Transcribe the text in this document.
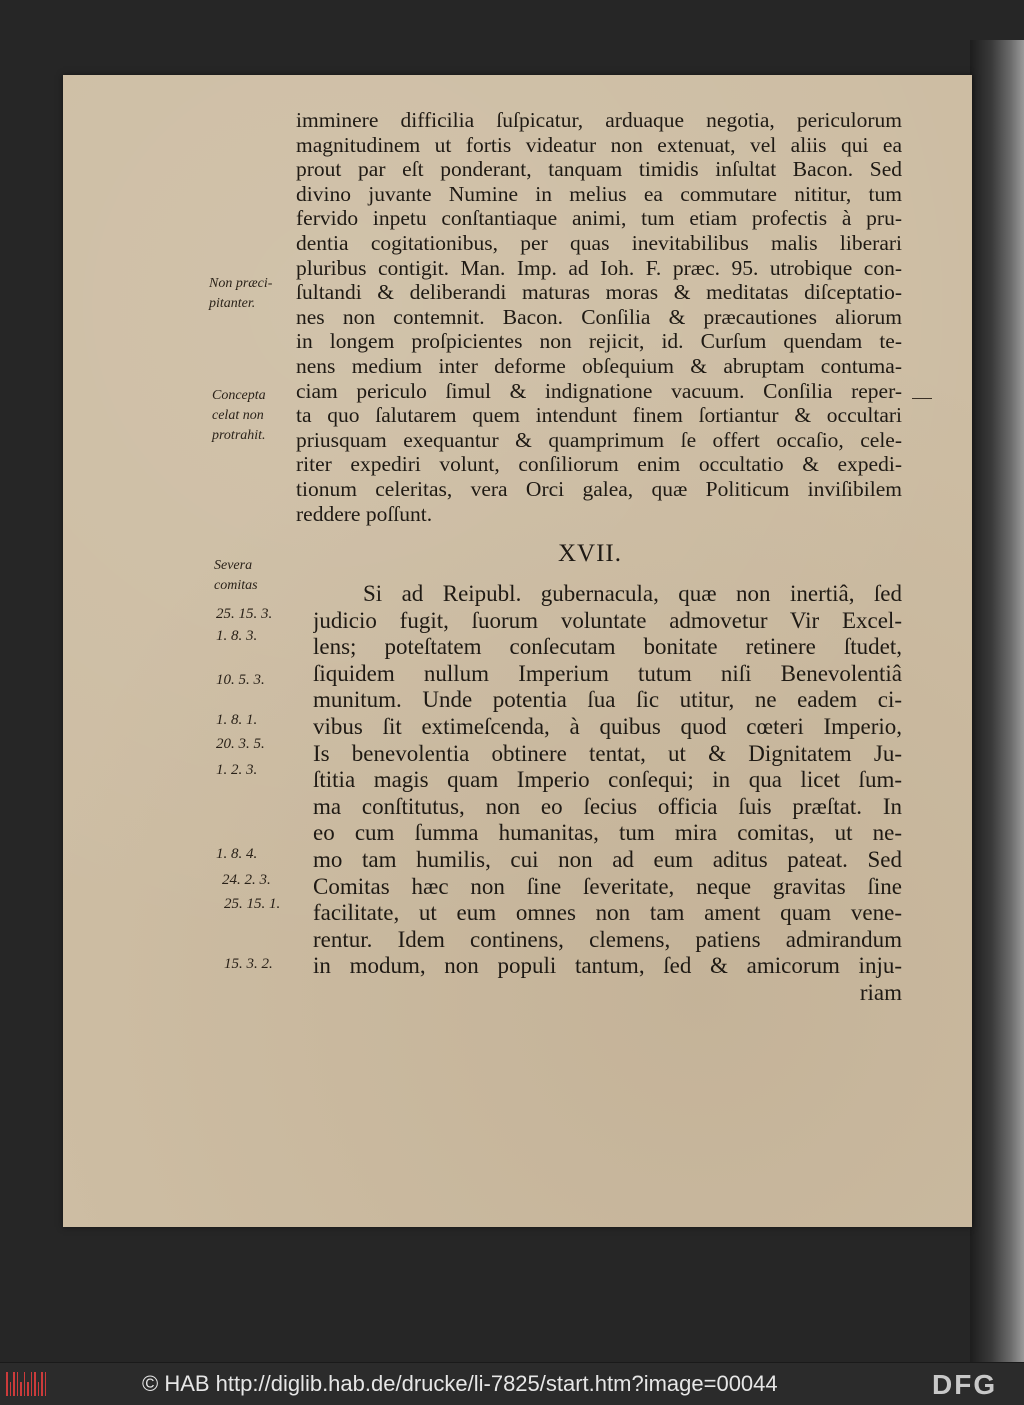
imminere difficilia ſuſpicatur, arduaque negotia, periculorum
magnitudinem ut fortis videatur non extenuat, vel aliis qui ea
prout par eſt ponderant, tanquam timidis inſultat Bacon. Sed
divino juvante Numine in melius ea commutare nititur, tum
fervido inpetu conſtantiaque animi, tum etiam profectis à pru-
dentia cogitationibus, per quas inevitabilibus malis liberari
pluribus contigit. Man. Imp. ad Ioh. F. præc. 95. utrobique con-
ſultandi & deliberandi maturas moras & meditatas diſceptatio-
nes non contemnit. Bacon. Conſilia & præcautiones aliorum
in longem proſpicientes non rejicit, id. Curſum quendam te-
nens medium inter deforme obſequium & abruptam contuma-
ciam periculo ſimul & indignatione vacuum. Conſilia reper-
ta quo ſalutarem quem intendunt finem ſortiantur & occultari
priusquam exequantur & quamprimum ſe offert occaſio, cele-
riter expediri volunt, conſiliorum enim occultatio & expedi-
tionum celeritas, vera Orci galea, quæ Politicum inviſibilem
reddere poſſunt.
Non præci-
pitanter.
Concepta
celat non
protrahit.
Severa
comitas
XVII.
Si ad Reipubl. gubernacula, quæ non inertiâ, ſed
judicio fugit, ſuorum voluntate admovetur Vir Excel-
lens; poteſtatem conſecutam bonitate retinere ſtudet,
ſiquidem nullum Imperium tutum niſi Benevolentiâ
munitum. Unde potentia ſua ſic utitur, ne eadem ci-
vibus ſit extimeſcenda, à quibus quod cœteri Imperio,
Is benevolentia obtinere tentat, ut & Dignitatem Ju-
ſtitia magis quam Imperio conſequi; in qua licet ſum-
ma conſtitutus, non eo ſecius officia ſuis præſtat. In
eo cum ſumma humanitas, tum mira comitas, ut ne-
mo tam humilis, cui non ad eum aditus pateat. Sed
Comitas hæc non ſine ſeveritate, neque gravitas ſine
facilitate, ut eum omnes non tam ament quam vene-
rentur. Idem continens, clemens, patiens admirandum
in modum, non populi tantum, ſed & amicorum inju-
riam
25. 15. 3.
1. 8. 3.
10. 5. 3.
1. 8. 1.
20. 3. 5.
1. 2. 3.
1. 8. 4.
24. 2. 3.
25. 15. 1.
15. 3. 2.
© HAB http://diglib.hab.de/drucke/li-7825/start.htm?image=00044	DFG
